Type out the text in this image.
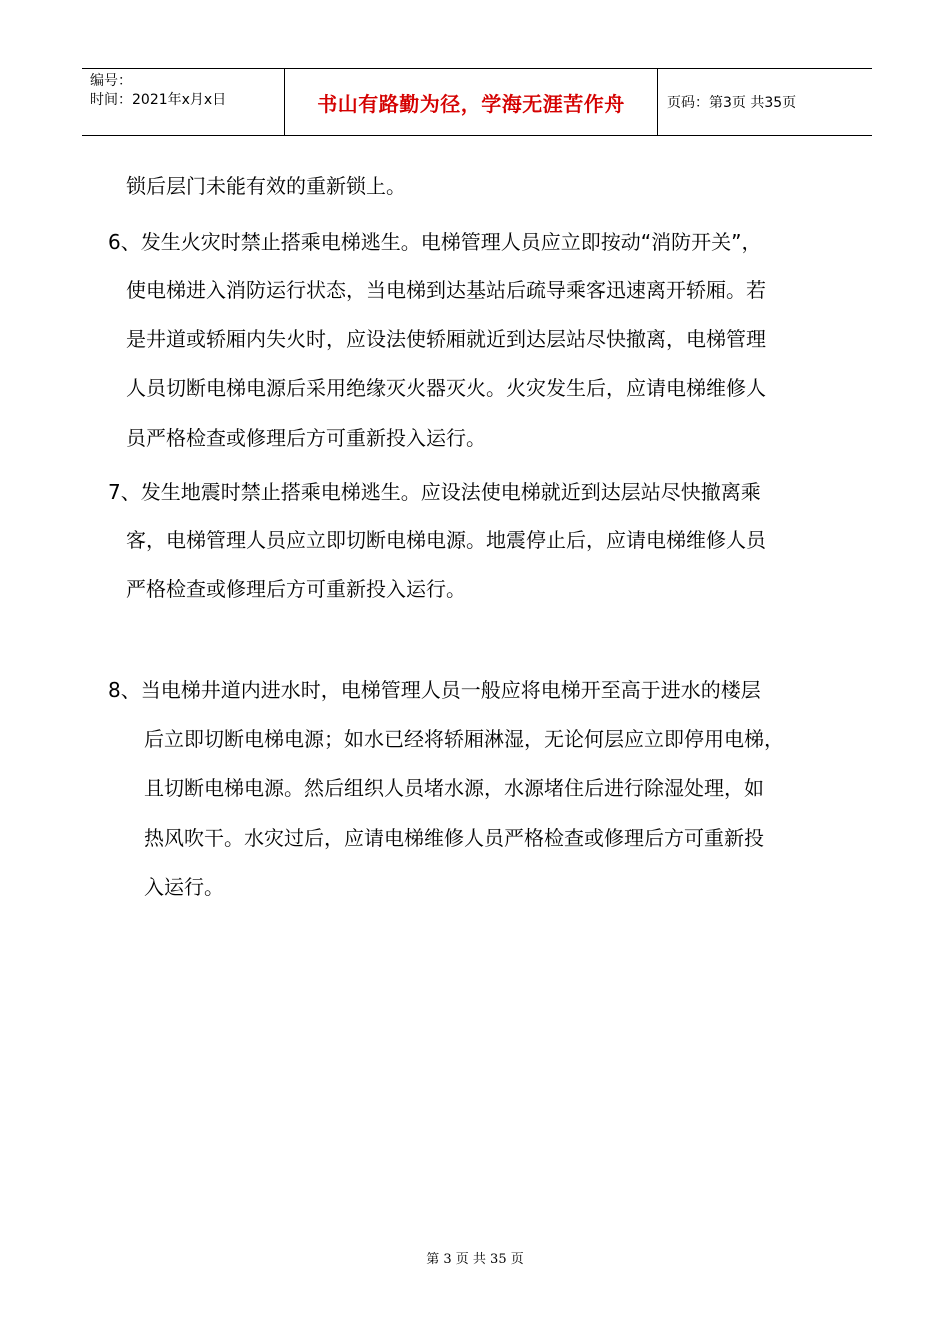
编号：
时间：2021年x月x日	书山有路勤为径，学海无涯苦作舟	页码：第3页 共35页
锁后层门未能有效的重新锁上。
6、发生火灾时禁止搭乘电梯逃生。电梯管理人员应立即按动“消防开关”，
使电梯进入消防运行状态，当电梯到达基站后疏导乘客迅速离开轿厢。若
是井道或轿厢内失火时，应设法使轿厢就近到达层站尽快撤离，电梯管理
人员切断电梯电源后采用绝缘灭火器灭火。火灾发生后，应请电梯维修人
员严格检查或修理后方可重新投入运行。
7、发生地震时禁止搭乘电梯逃生。应设法使电梯就近到达层站尽快撤离乘
客，电梯管理人员应立即切断电梯电源。地震停止后，应请电梯维修人员
严格检查或修理后方可重新投入运行。
8、当电梯井道内进水时，电梯管理人员一般应将电梯开至高于进水的楼层
后立即切断电梯电源；如水已经将轿厢淋湿，无论何层应立即停用电梯，
且切断电梯电源。然后组织人员堵水源，水源堵住后进行除湿处理，如
热风吹干。水灾过后，应请电梯维修人员严格检查或修理后方可重新投
入运行。
第 3 页 共 35 页
